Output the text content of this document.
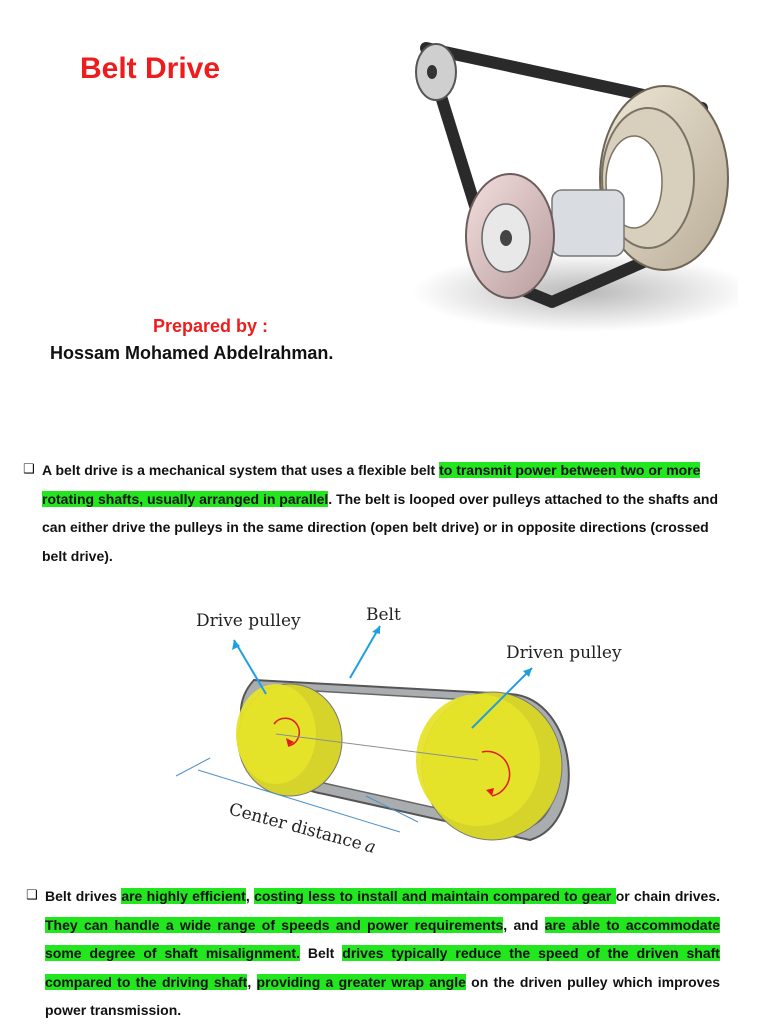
Belt Drive
Prepared by :
Hossam Mohamed Abdelrahman.
❑ A belt drive is a mechanical system that uses a flexible belt to transmit power between two or more rotating shafts, usually arranged in parallel. The belt is looped over pulleys attached to the shafts and can either drive the pulleys in the same direction (open belt drive) or in opposite directions (crossed belt drive).
Drive pulley	Belt
Driven pulley
Center distancea
❑ Belt drives are highly efficient, costing less to install and maintain compared to gear or chain drives. They can handle a wide range of speeds and power requirements, and are able to accommodate some degree of shaft misalignment. Belt drives typically reduce the speed of the driven shaft compared to the driving shaft, providing a greater wrap angle on the driven pulley which improves power transmission.
